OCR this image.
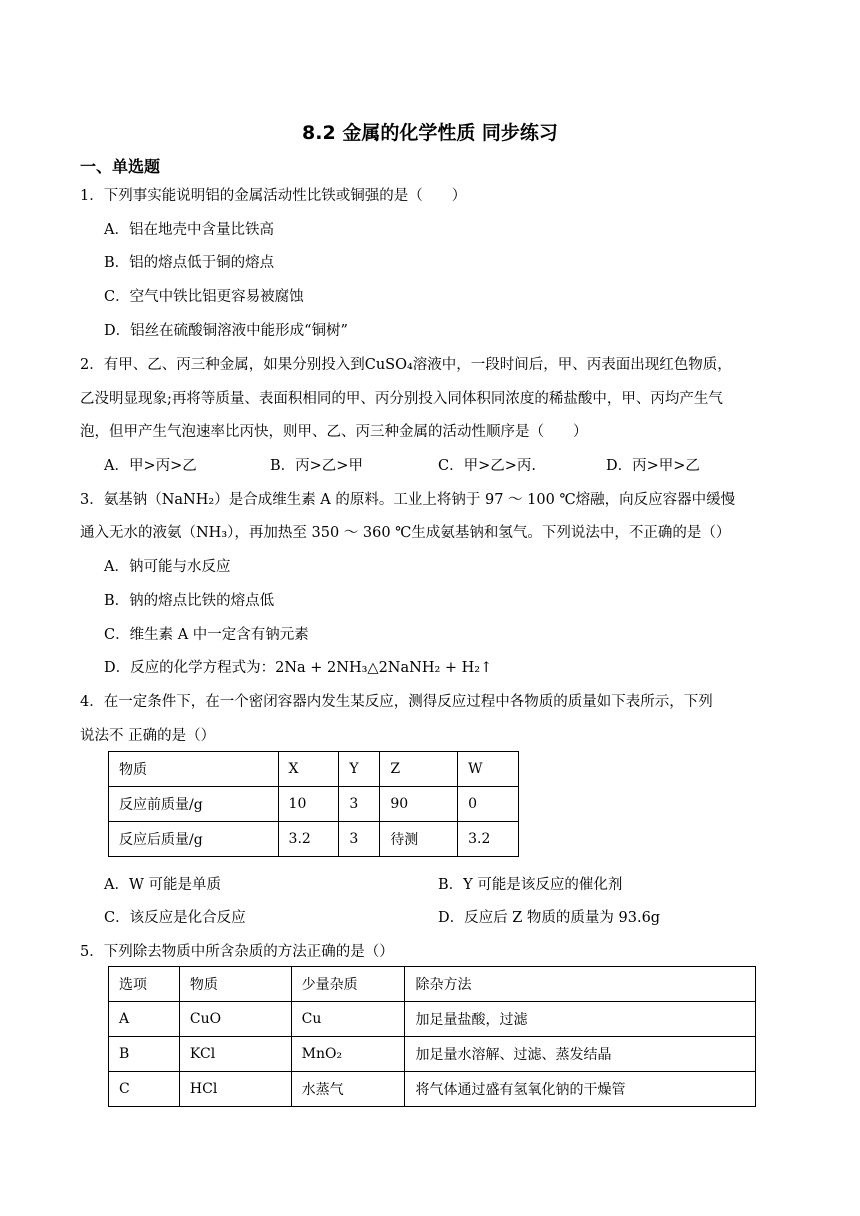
8.2 金属的化学性质 同步练习
一、单选题
1．下列事实能说明铝的金属活动性比铁或铜强的是（　　）
A．铝在地壳中含量比铁高
B．铝的熔点低于铜的熔点
C．空气中铁比铝更容易被腐蚀
D．铝丝在硫酸铜溶液中能形成“铜树”
2．有甲、乙、丙三种金属，如果分别投入到CuSO₄溶液中，一段时间后，甲、丙表面出现红色物质，
乙没明显现象;再将等质量、表面积相同的甲、丙分别投入同体积同浓度的稀盐酸中，甲、丙均产生气
泡，但甲产生气泡速率比丙快，则甲、乙、丙三种金属的活动性顺序是（　　）
A．甲>丙>乙	B．丙>乙>甲	C．甲>乙>丙.	D．丙>甲>乙
3．氨基钠（NaNH₂）是合成维生素 A 的原料。工业上将钠于 97 ～ 100 ℃熔融，向反应容器中缓慢
通入无水的液氨（NH₃），再加热至 350 ～ 360 ℃生成氨基钠和氢气。下列说法中，不正确的是（）
A．钠可能与水反应
B．钠的熔点比铁的熔点低
C．维生素 A 中一定含有钠元素
D．反应的化学方程式为：2Na + 2NH₃△2NaNH₂ + H₂↑
4．在一定条件下，在一个密闭容器内发生某反应，测得反应过程中各物质的质量如下表所示，下列
说法不 正确的是（）
物质	X	Y	Z	W
反应前质量/g	10	3	90	0
反应后质量/g	3.2	3	待测	3.2
A．W 可能是单质	B．Y 可能是该反应的催化剂
C．该反应是化合反应	D．反应后 Z 物质的质量为 93.6g
5．下列除去物质中所含杂质的方法正确的是（）
选项	物质	少量杂质	除杂方法
A	CuO	Cu	加足量盐酸，过滤
B	KCl	MnO₂	加足量水溶解、过滤、蒸发结晶
C	HCl	水蒸气	将气体通过盛有氢氧化钠的干燥管
